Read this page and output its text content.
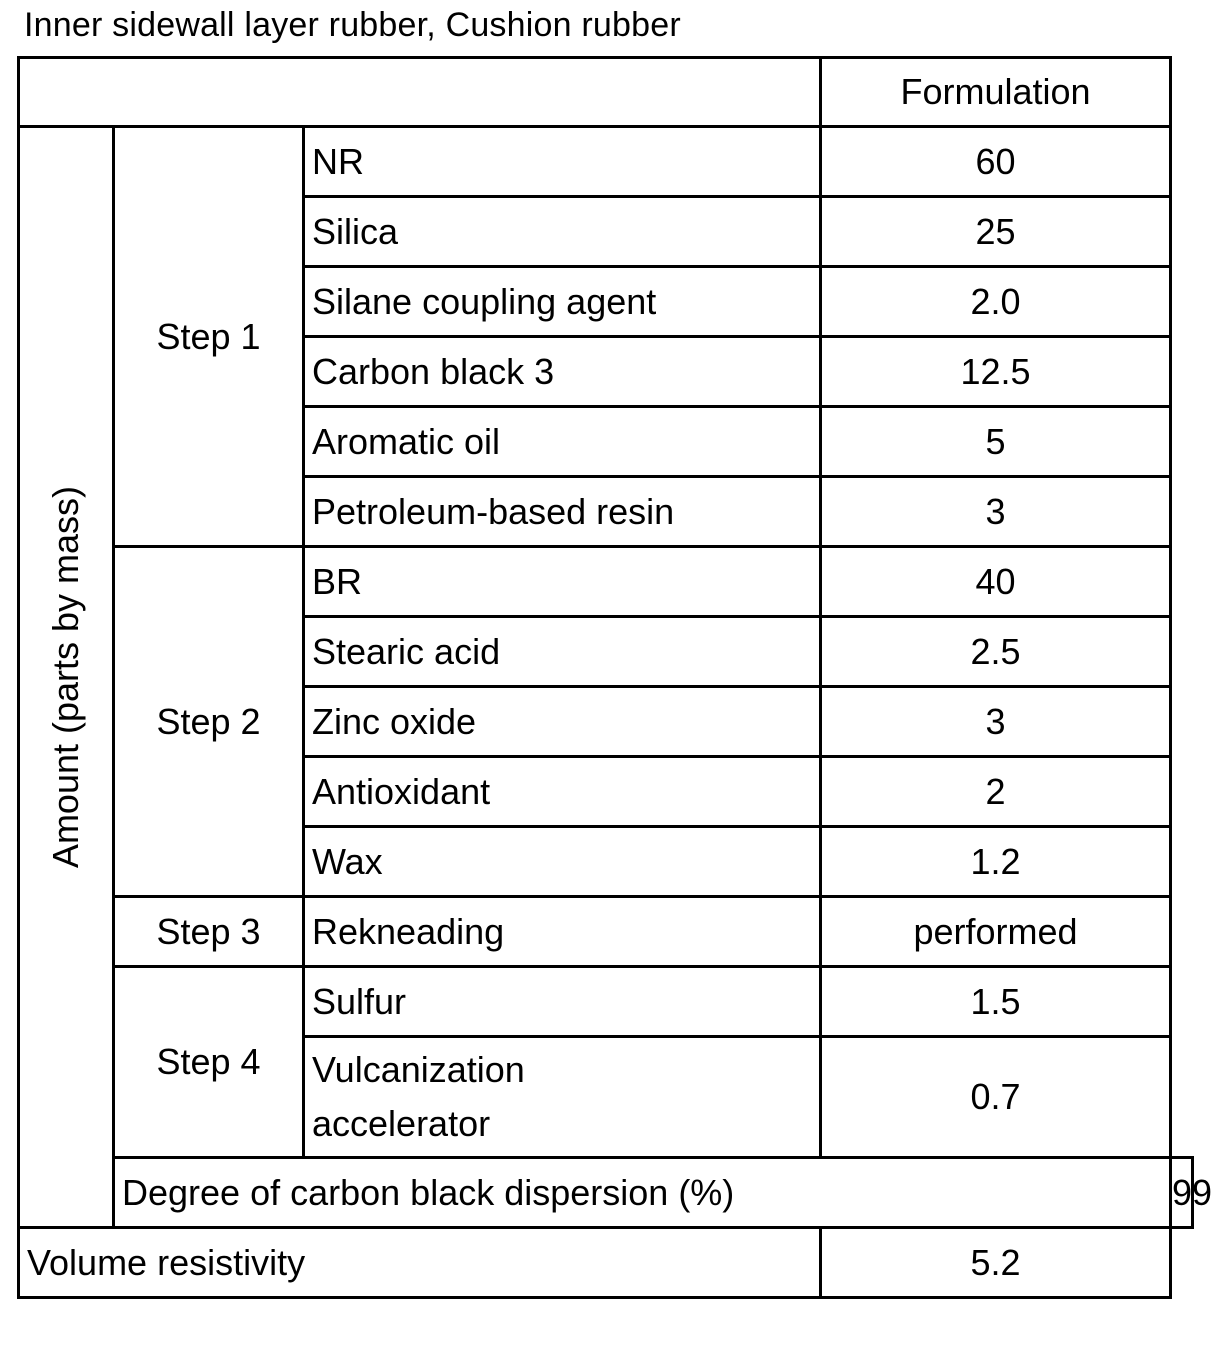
Inner sidewall layer rubber, Cushion rubber
			Formulation	

Amount (parts by mass)	Step 1	NR	60	
		Silica	25	
		Silane coupling agent	2.0	
		Carbon black 3	12.5	
		Aromatic oil	5	
		Petroleum-based resin	3	
	Step 2	BR	40	
		Stearic acid	2.5	
		Zinc oxide	3	
		Antioxidant	2	
		Wax	1.2	
	Step 3	Rekneading	performed	
	Step 4	Sulfur	1.5	
		Vulcanization
accelerator	0.7	
	Degree of carbon black dispersion (%)			99
Volume resistivity			5.2	
